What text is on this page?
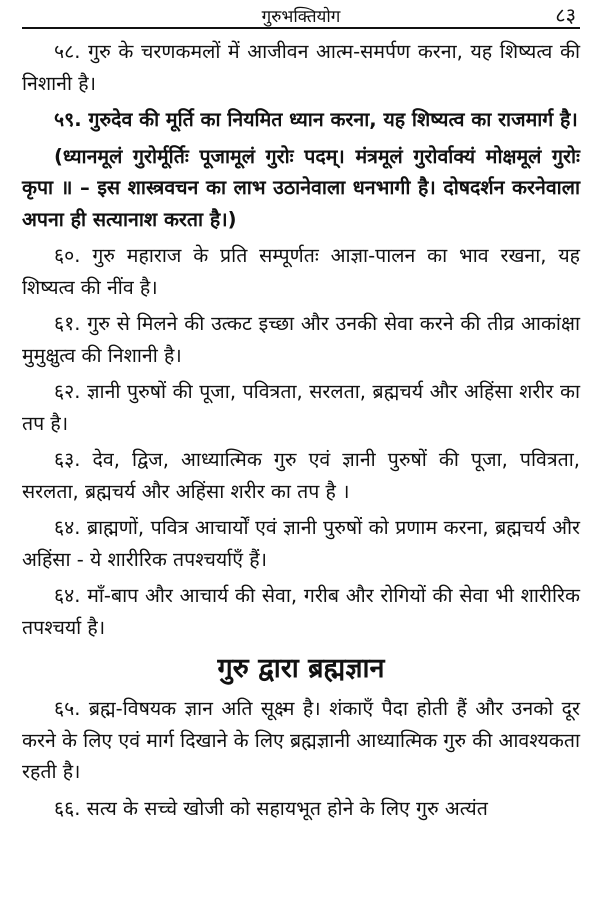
गुरुभक्तियोग	८३

५८. गुरु के चरणकमलों में आजीवन आत्म-समर्पण करना, यह शिष्यत्व की निशानी है।

५९. गुरुदेव की मूर्ति का नियमित ध्यान करना, यह शिष्यत्व का राजमार्ग है।

(ध्यानमूलं गुरोर्मूर्तिः पूजामूलं गुरोः पदम्। मंत्रमूलं गुरोर्वाक्यं मोक्षमूलं गुरोः कृपा ॥ – इस शास्त्रवचन का लाभ उठानेवाला धनभागी है। दोषदर्शन करनेवाला अपना ही सत्यानाश करता है।)

६०. गुरु महाराज के प्रति सम्पूर्णतः आज्ञा-पालन का भाव रखना, यह शिष्यत्व की नींव है।

६१. गुरु से मिलने की उत्कट इच्छा और उनकी सेवा करने की तीव्र आकांक्षा मुमुक्षुत्व की निशानी है।

६२. ज्ञानी पुरुषों की पूजा, पवित्रता, सरलता, ब्रह्मचर्य और अहिंसा शरीर का तप है।

६३. देव, द्विज, आध्यात्मिक गुरु एवं ज्ञानी पुरुषों की पूजा, पवित्रता, सरलता, ब्रह्मचर्य और अहिंसा शरीर का तप है ।

६४. ब्राह्मणों, पवित्र आचार्यों एवं ज्ञानी पुरुषों को प्रणाम करना, ब्रह्मचर्य और अहिंसा - ये शारीरिक तपश्चर्याएँ हैं।

६४. माँ-बाप और आचार्य की सेवा, गरीब और रोगियों की सेवा भी शारीरिक तपश्चर्या है।

गुरु द्वारा ब्रह्मज्ञान

६५. ब्रह्म-विषयक ज्ञान अति सूक्ष्म है। शंकाएँ पैदा होती हैं और उनको दूर करने के लिए एवं मार्ग दिखाने के लिए ब्रह्मज्ञानी आध्यात्मिक गुरु की आवश्यकता रहती है।

६६. सत्य के सच्चे खोजी को सहायभूत होने के लिए गुरु अत्यंत
